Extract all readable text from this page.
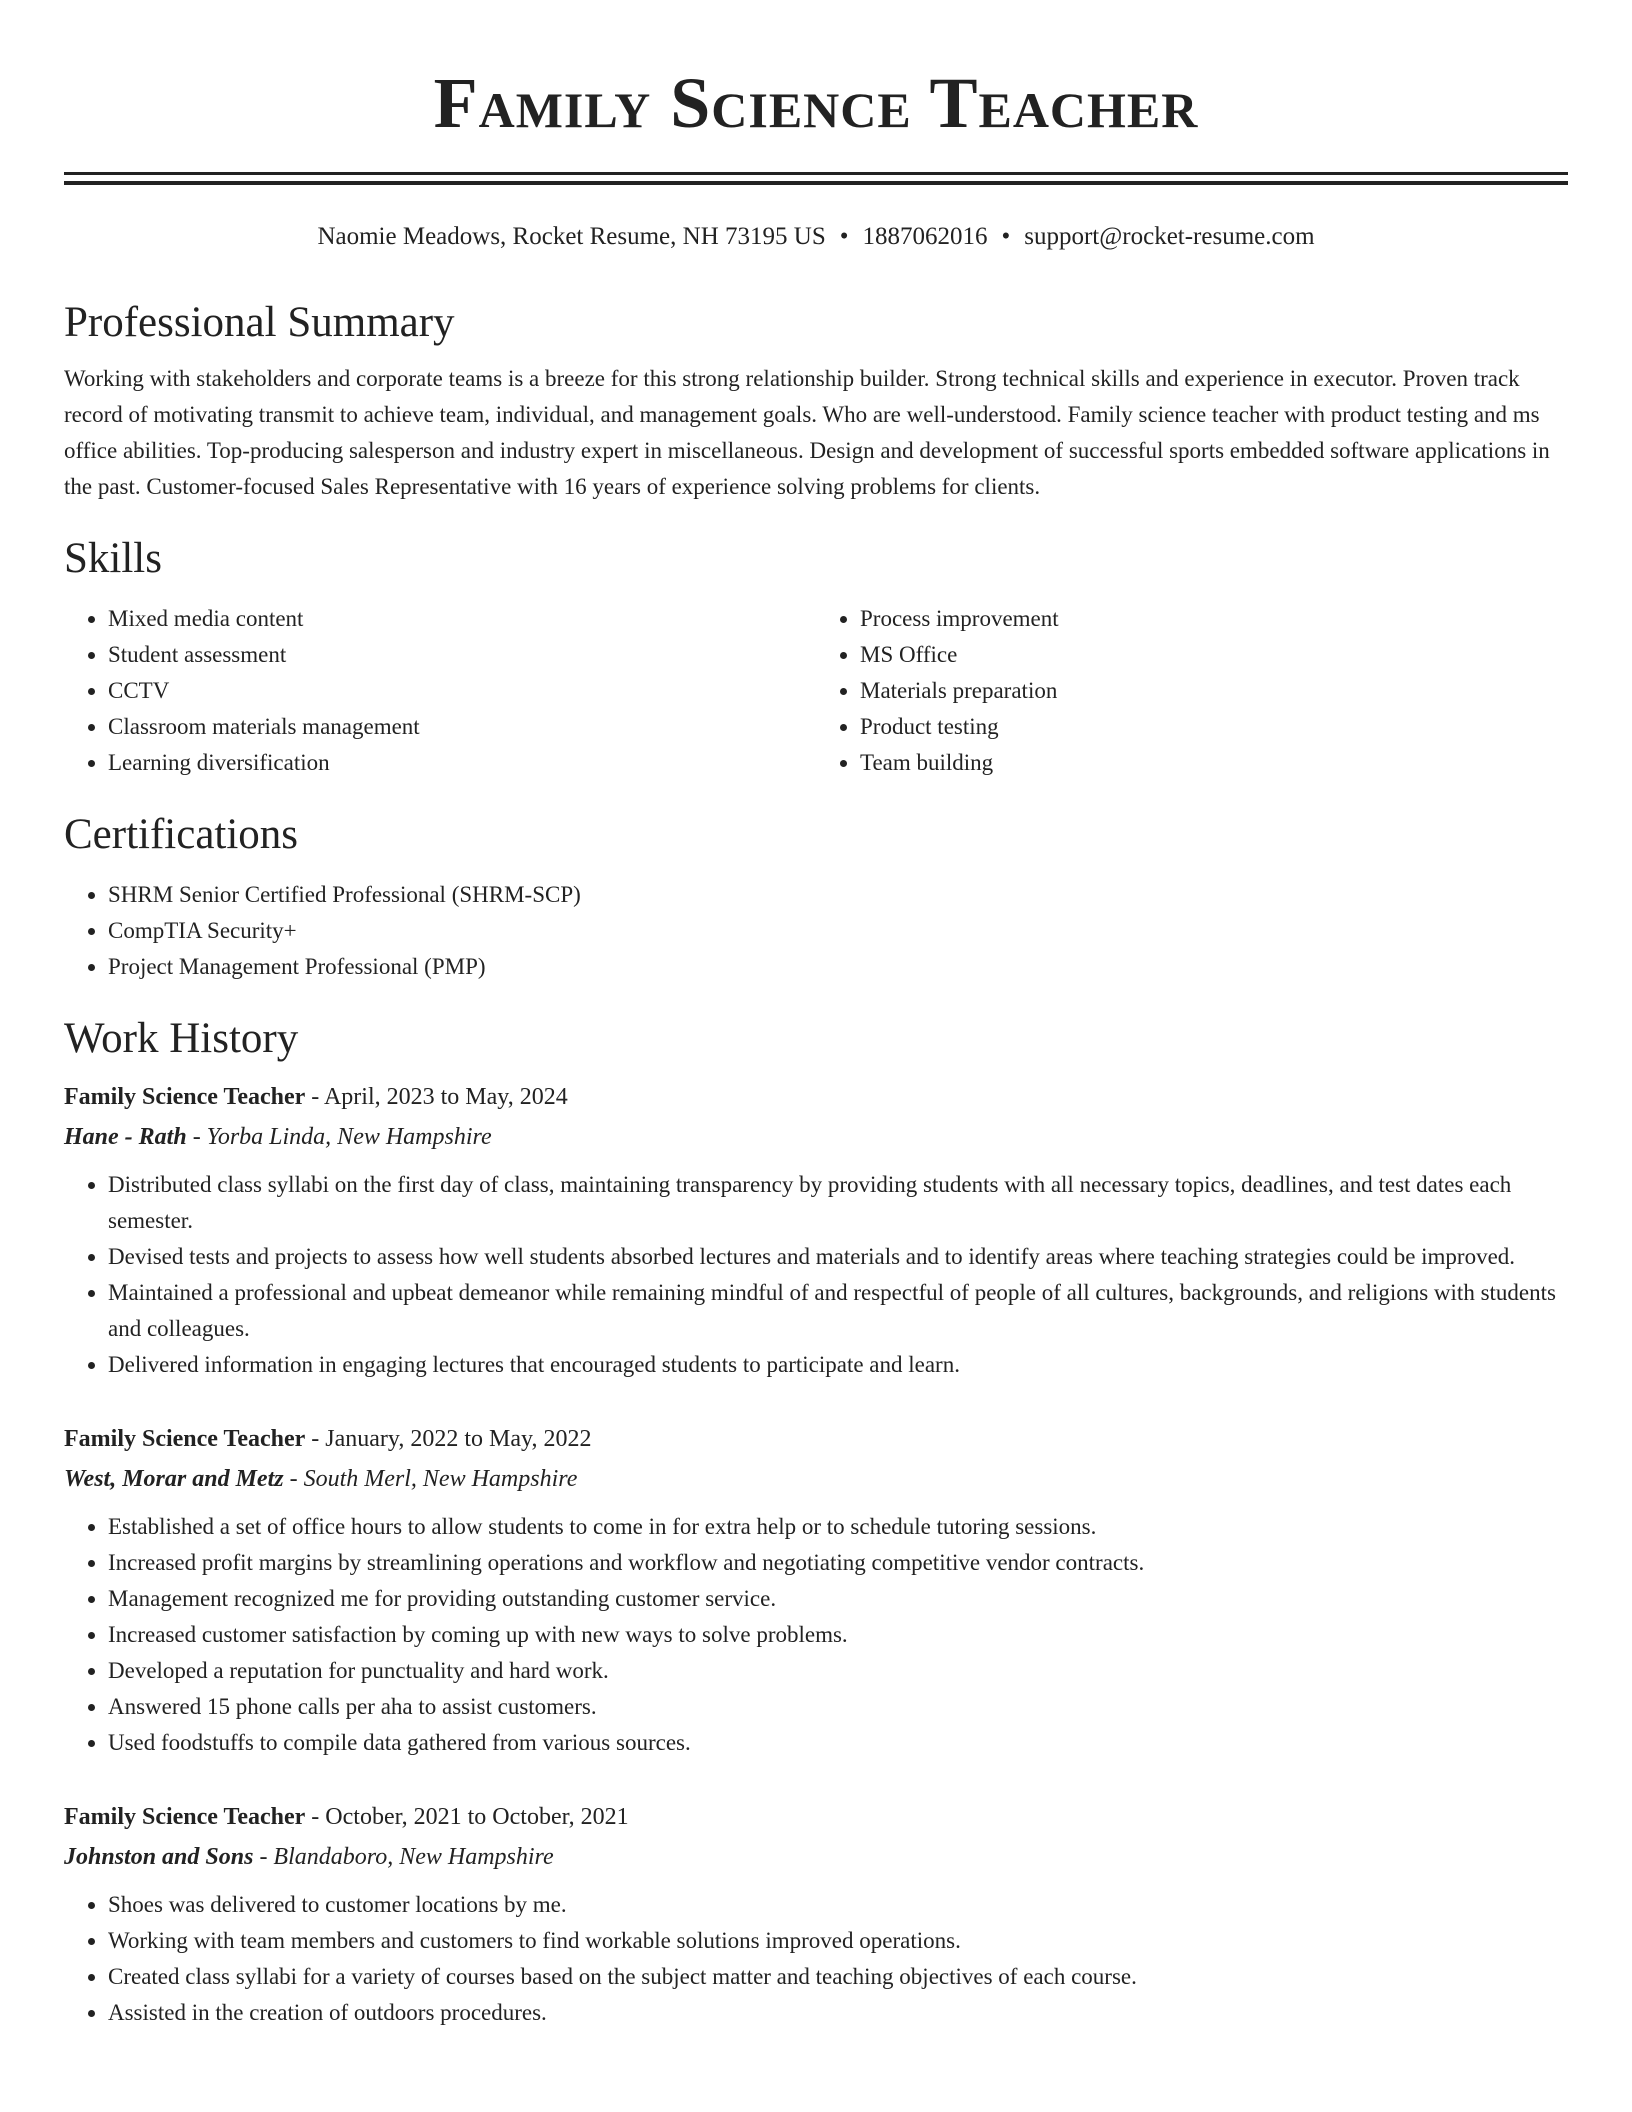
Family Science Teacher
Naomie Meadows, Rocket Resume, NH 73195 US • 1887062016 • support@rocket-resume.com
Professional Summary

Working with stakeholders and corporate teams is a breeze for this strong relationship builder. Strong technical skills and experience in executor. Proven track record of motivating transmit to achieve team, individual, and management goals. Who are well-understood. Family science teacher with product testing and ms office abilities. Top-producing salesperson and industry expert in miscellaneous. Design and development of successful sports embedded software applications in the past. Customer-focused Sales Representative with 16 years of experience solving problems for clients.

Skills
• Mixed media content
• Student assessment
• CCTV
• Classroom materials management
• Learning diversification
• Process improvement
• MS Office
• Materials preparation
• Product testing
• Team building
Certifications
• SHRM Senior Certified Professional (SHRM-SCP)
• CompTIA Security+
• Project Management Professional (PMP)
Work History
Family Science Teacher - April, 2023 to May, 2024
Hane - Rath - Yorba Linda, New Hampshire
• Distributed class syllabi on the first day of class, maintaining transparency by providing students with all necessary topics, deadlines, and test dates each semester.
• Devised tests and projects to assess how well students absorbed lectures and materials and to identify areas where teaching strategies could be improved.
• Maintained a professional and upbeat demeanor while remaining mindful of and respectful of people of all cultures, backgrounds, and religions with students and colleagues.
• Delivered information in engaging lectures that encouraged students to participate and learn.
Family Science Teacher - January, 2022 to May, 2022
West, Morar and Metz - South Merl, New Hampshire
• Established a set of office hours to allow students to come in for extra help or to schedule tutoring sessions.
• Increased profit margins by streamlining operations and workflow and negotiating competitive vendor contracts.
• Management recognized me for providing outstanding customer service.
• Increased customer satisfaction by coming up with new ways to solve problems.
• Developed a reputation for punctuality and hard work.
• Answered 15 phone calls per aha to assist customers.
• Used foodstuffs to compile data gathered from various sources.
Family Science Teacher - October, 2021 to October, 2021
Johnston and Sons - Blandaboro, New Hampshire
• Shoes was delivered to customer locations by me.
• Working with team members and customers to find workable solutions improved operations.
• Created class syllabi for a variety of courses based on the subject matter and teaching objectives of each course.
• Assisted in the creation of outdoors procedures.
